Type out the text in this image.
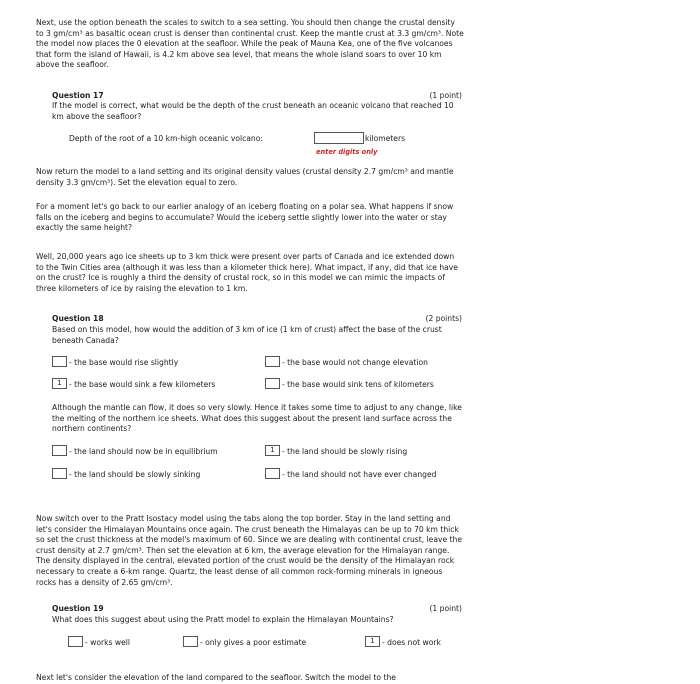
Next, use the option beneath the scales to switch to a sea setting. You should then change the crustal density to 3 gm/cm³ as basaltic ocean crust is denser than continental crust. Keep the mantle crust at 3.3 gm/cm³. Note the model now places the 0 elevation at the seafloor. While the peak of Mauna Kea, one of the five volcanoes that form the island of Hawaii, is 4.2 km above sea level, that means the whole island soars to over 10 km above the seafloor.

Question 17	(1 point)

If the model is correct, what would be the depth of the crust beneath an oceanic volcano that reached 10 km above the seafloor?

Depth of the root of a 10 km-high oceanic volcano:	kilometers
enter digits only

Now return the model to a land setting and its original density values (crustal density 2.7 gm/cm³ and mantle density 3.3 gm/cm³). Set the elevation equal to zero.

For a moment let's go back to our earlier analogy of an iceberg floating on a polar sea. What happens if snow falls on the iceberg and begins to accumulate? Would the iceberg settle slightly lower into the water or stay exactly the same height?

Well, 20,000 years ago ice sheets up to 3 km thick were present over parts of Canada and ice extended down to the Twin Cities area (although it was less than a kilometer thick here). What impact, if any, did that ice have on the crust? Ice is roughly a third the density of crustal rock, so in this model we can mimic the impacts of three kilometers of ice by raising the elevation to 1 km.

Question 18	(2 points)

Based on this model, how would the addition of 3 km of ice (1 km of crust) affect the base of the crust beneath Canada?

- the base would rise slightly	- the base would not change elevation
1 - the base would sink a few kilometers	- the base would sink tens of kilometers

Although the mantle can flow, it does so very slowly. Hence it takes some time to adjust to any change, like the melting of the northern ice sheets. What does this suggest about the present land surface across the northern continents?

- the land should now be in equilibrium	1 - the land should be slowly rising
- the land should be slowly sinking	- the land should not have ever changed

Now switch over to the Pratt Isostacy model using the tabs along the top border. Stay in the land setting and let's consider the Himalayan Mountains once again. The crust beneath the Himalayas can be up to 70 km thick so set the crust thickness at the model's maximum of 60. Since we are dealing with continental crust, leave the crust density at 2.7 gm/cm³. Then set the elevation at 6 km, the average elevation for the Himalayan range. The density displayed in the central, elevated portion of the crust would be the density of the Himalayan rock necessary to create a 6-km range. Quartz, the least dense of all common rock-forming minerals in igneous rocks has a density of 2.65 gm/cm³.

Question 19	(1 point)

What does this suggest about using the Pratt model to explain the Himalayan Mountains?

- works well	- only gives a poor estimate	1 - does not work

Next let's consider the elevation of the land compared to the seafloor. Switch the model to the
